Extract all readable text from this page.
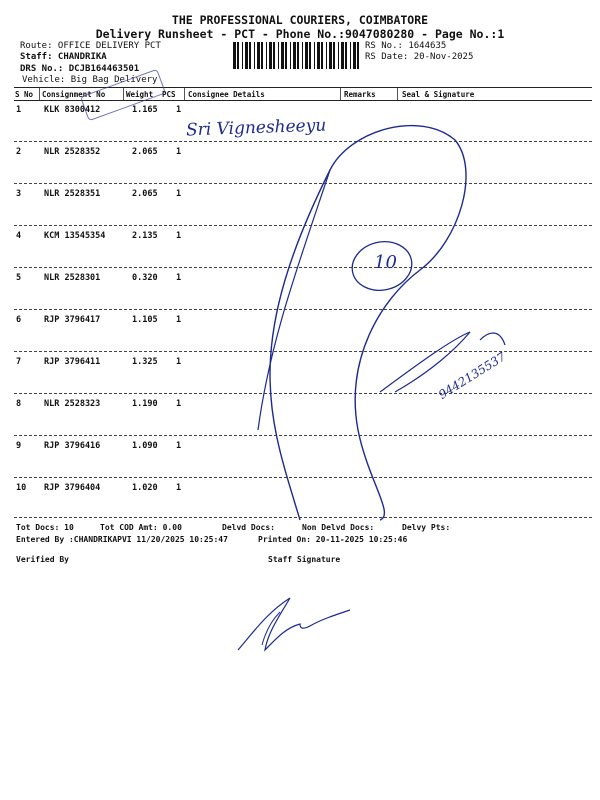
THE PROFESSIONAL COURIERS, COIMBATORE
Delivery Runsheet - PCT - Phone No.:9047080280 - Page No.:1
Route: OFFICE DELIVERY PCT
Staff: CHANDRIKA
DRS No.: DCJB164463501
Vehicle: Big Bag Delivery
RS No.: 1644635
RS Date: 20-Nov-2025
S No Consignment No	Weight PCS Consignee Details	Remarks	Seal & Signature
1	KLK 8300412	1.165 1
2	NLR 2528352	2.065 1
3	NLR 2528351	2.065 1
4	KCM 13545354	2.135 1
5	NLR 2528301	0.320 1
6	RJP 3796417	1.105 1
7	RJP 3796411	1.325 1
8	NLR 2528323	1.190 1
9	RJP 3796416	1.090 1
10 RJP 3796404	1.020 1
Tot Docs: 10	Tot COD Amt: 0.00	Delvd Docs:	Non Delvd Docs:	Delvy Pts:
Entered By :CHANDRIKAPVI 11/20/2025 10:25:47	Printed On: 20-11-2025 10:25:46
Verified By	Staff Signature
Sri Vignesheeyu
10
9442135537
